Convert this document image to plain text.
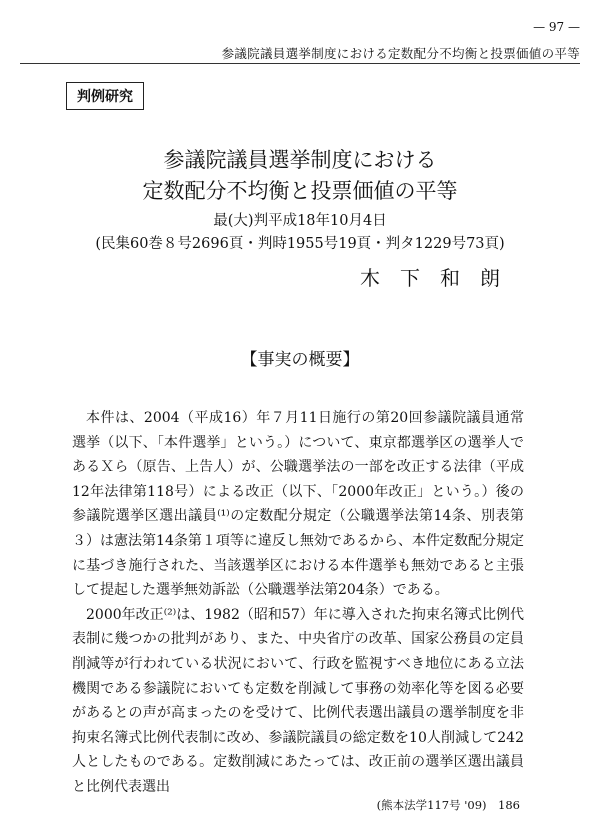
— 97 —
参議院議員選挙制度における定数配分不均衡と投票価値の平等
判例研究
参議院議員選挙制度における
定数配分不均衡と投票価値の平等
最(大)判平成18年10月4日
(民集60巻８号2696頁・判時1955号19頁・判タ1229号73頁)
木下和朗
【事実の概要】

本件は、2004（平成16）年７月11日施行の第20回参議院議員通常選挙（以下、「本件選挙」という。）について、東京都選挙区の選挙人であるＸら（原告、上告人）が、公職選挙法の一部を改正する法律（平成12年法律第118号）による改正（以下、「2000年改正」という。）後の参議院選挙区選出議員⁽¹⁾の定数配分規定（公職選挙法第14条、別表第３）は憲法第14条第１項等に違反し無効であるから、本件定数配分規定に基づき施行された、当該選挙区における本件選挙も無効であると主張して提起した選挙無効訴訟（公職選挙法第204条）である。

2000年改正⁽²⁾は、1982（昭和57）年に導入された拘束名簿式比例代表制に幾つかの批判があり、また、中央省庁の改革、国家公務員の定員削減等が行われている状況において、行政を監視すべき地位にある立法機関である参議院においても定数を削減して事務の効率化等を図る必要があるとの声が高まったのを受けて、比例代表選出議員の選挙制度を非拘束名簿式比例代表制に改め、参議院議員の総定数を10人削減して242人としたものである。定数削減にあたっては、改正前の選挙区選出議員と比例代表選出

(熊本法学117号 '09)　186
